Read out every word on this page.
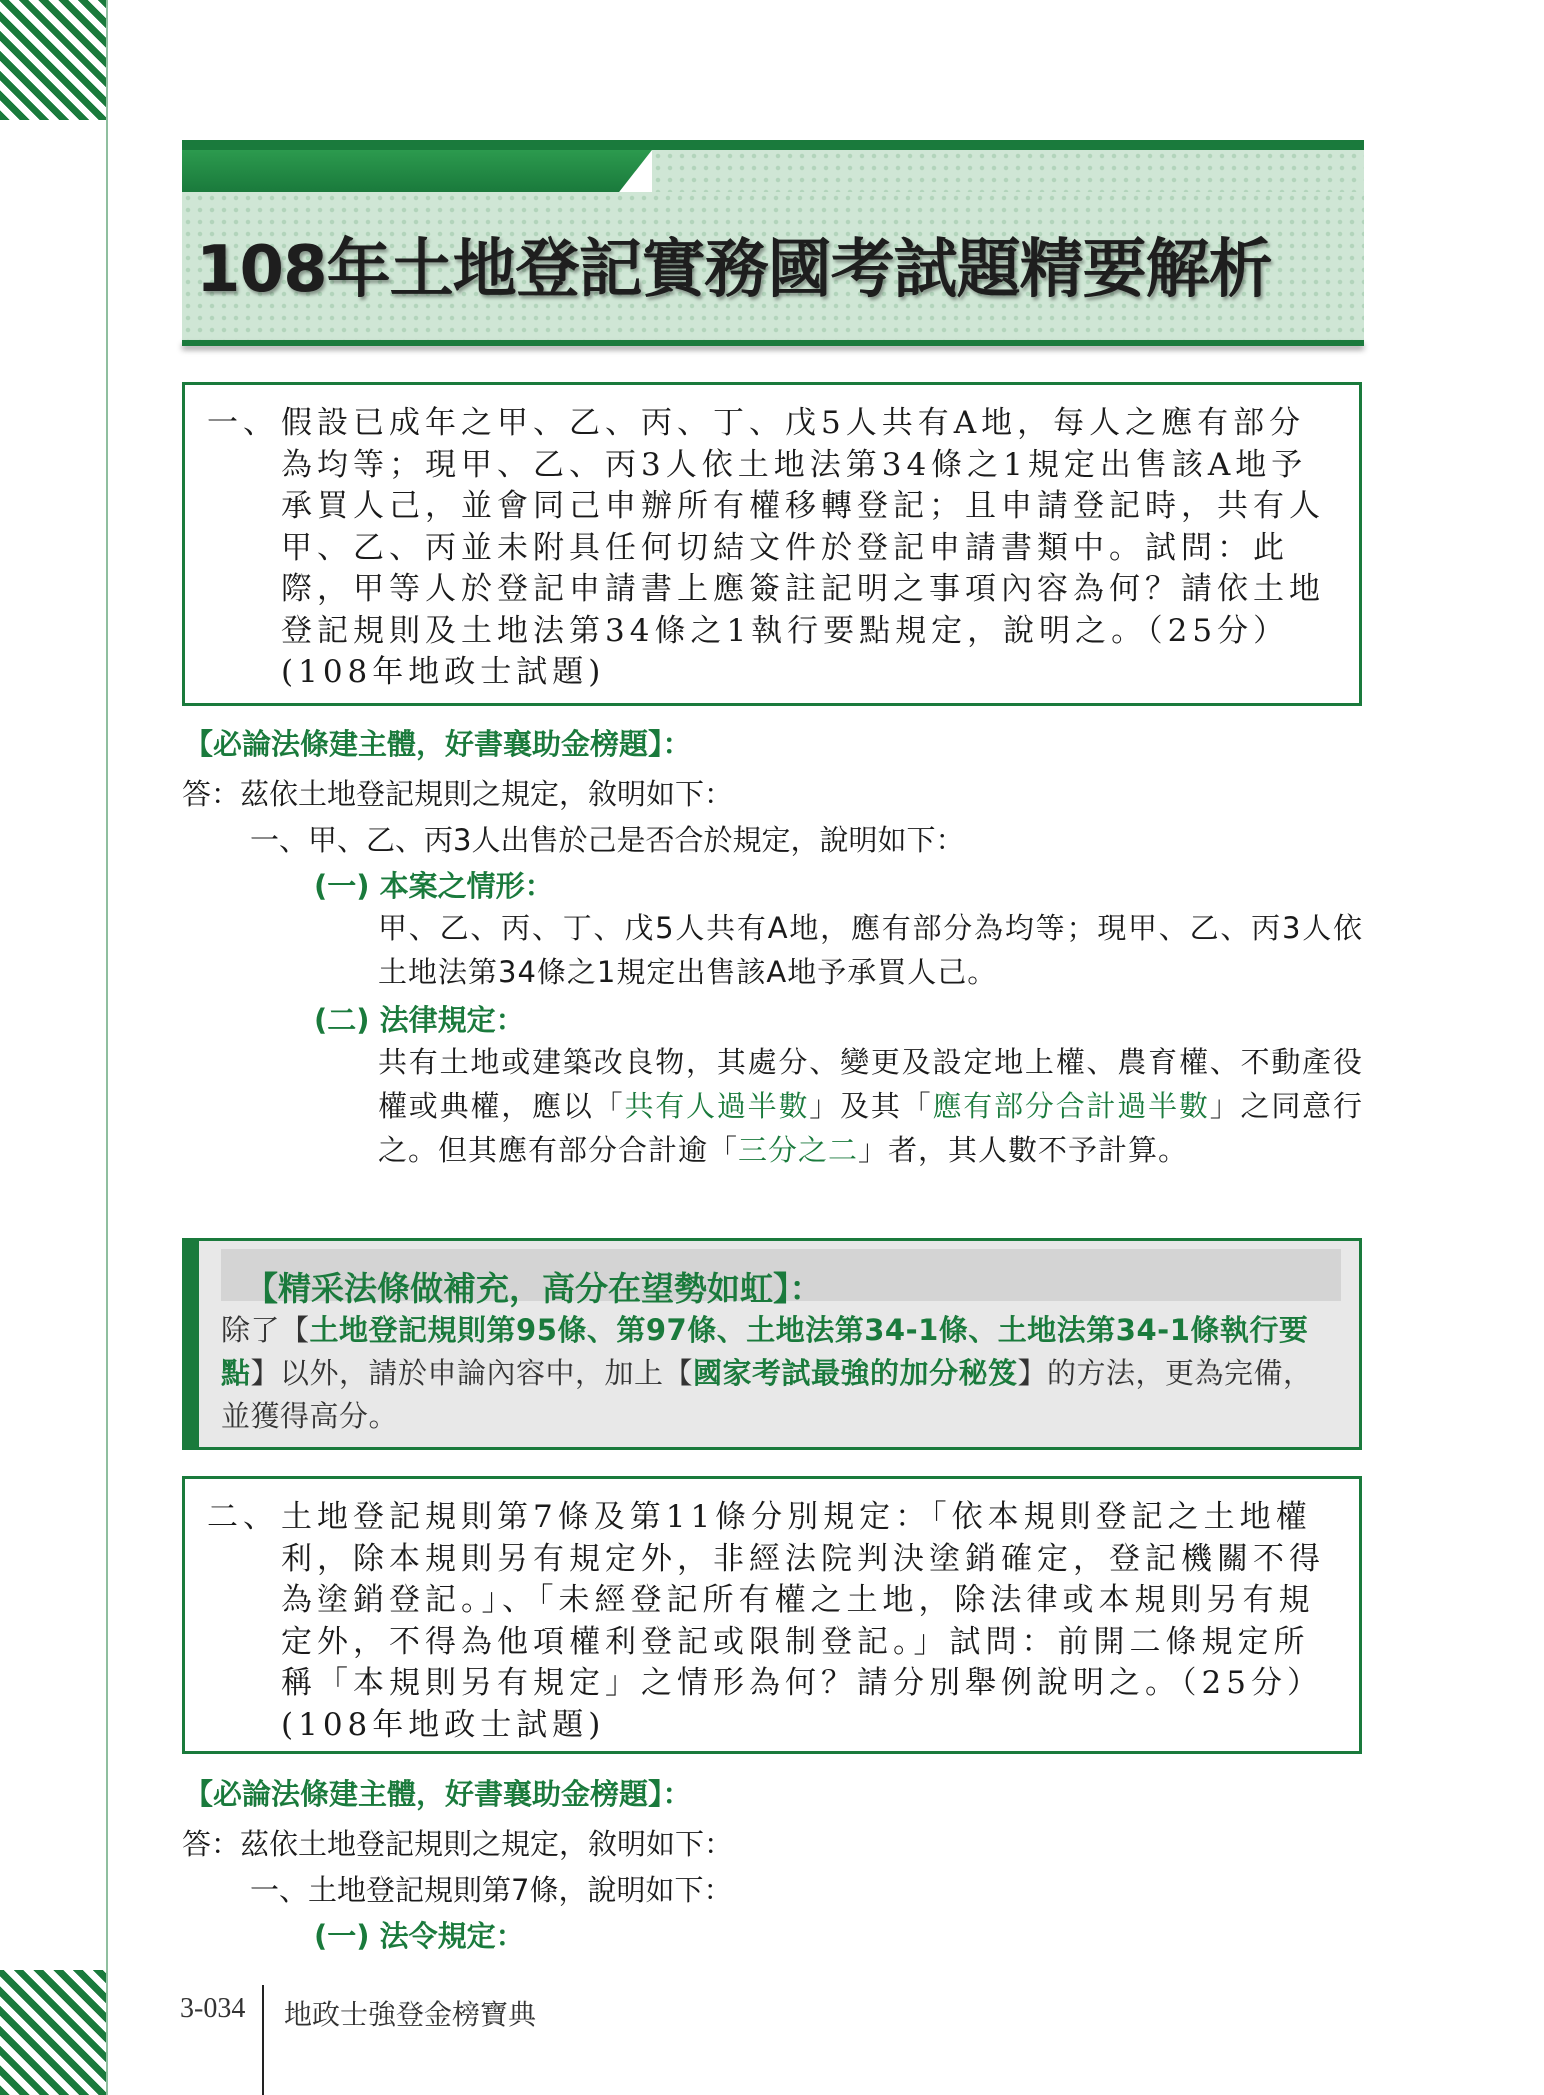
108年土地登記實務國考試題精要解析
一、 假設已成年之甲、乙、丙、丁、戊5人共有A地，每人之應有部分為均等；現甲、乙、丙3人依土地法第34條之1規定出售該A地予承買人己，並會同己申辦所有權移轉登記；且申請登記時，共有人甲、乙、丙並未附具任何切結文件於登記申請書類中。試問：此際，甲等人於登記申請書上應簽註記明之事項內容為何？請依土地登記規則及土地法第34條之1執行要點規定，說明之。（25分）(108年地政士試題)

【必論法條建主體，好書襄助金榜題】：

答：茲依土地登記規則之規定，敘明如下：

一、甲、乙、丙3人出售於己是否合於規定，說明如下：

(一) 本案之情形：

甲、乙、丙、丁、戊5人共有A地，應有部分為均等；現甲、乙、丙3人依土地法第34條之1規定出售該A地予承買人己。

(二) 法律規定：

共有土地或建築改良物，其處分、變更及設定地上權、農育權、不動產役權或典權，應以「共有人過半數」及其「應有部分合計過半數」之同意行之。但其應有部分合計逾「三分之二」者，其人數不予計算。

【精采法條做補充，高分在望勢如虹】：

除了【土地登記規則第95條、第97條、土地法第34-1條、土地法第34-1條執行要點】以外，請於申論內容中，加上【國家考試最強的加分秘笈】的方法，更為完備，並獲得高分。

二、 土地登記規則第7條及第11條分別規定：「依本規則登記之土地權利，除本規則另有規定外，非經法院判決塗銷確定，登記機關不得為塗銷登記。」、「未經登記所有權之土地，除法律或本規則另有規定外，不得為他項權利登記或限制登記。」試問：前開二條規定所稱「本規則另有規定」之情形為何？請分別舉例說明之。（25分）(108年地政士試題)

【必論法條建主體，好書襄助金榜題】：

答：茲依土地登記規則之規定，敘明如下：

一、土地登記規則第7條，說明如下：

(一) 法令規定：

3-034 地政士強登金榜寶典
